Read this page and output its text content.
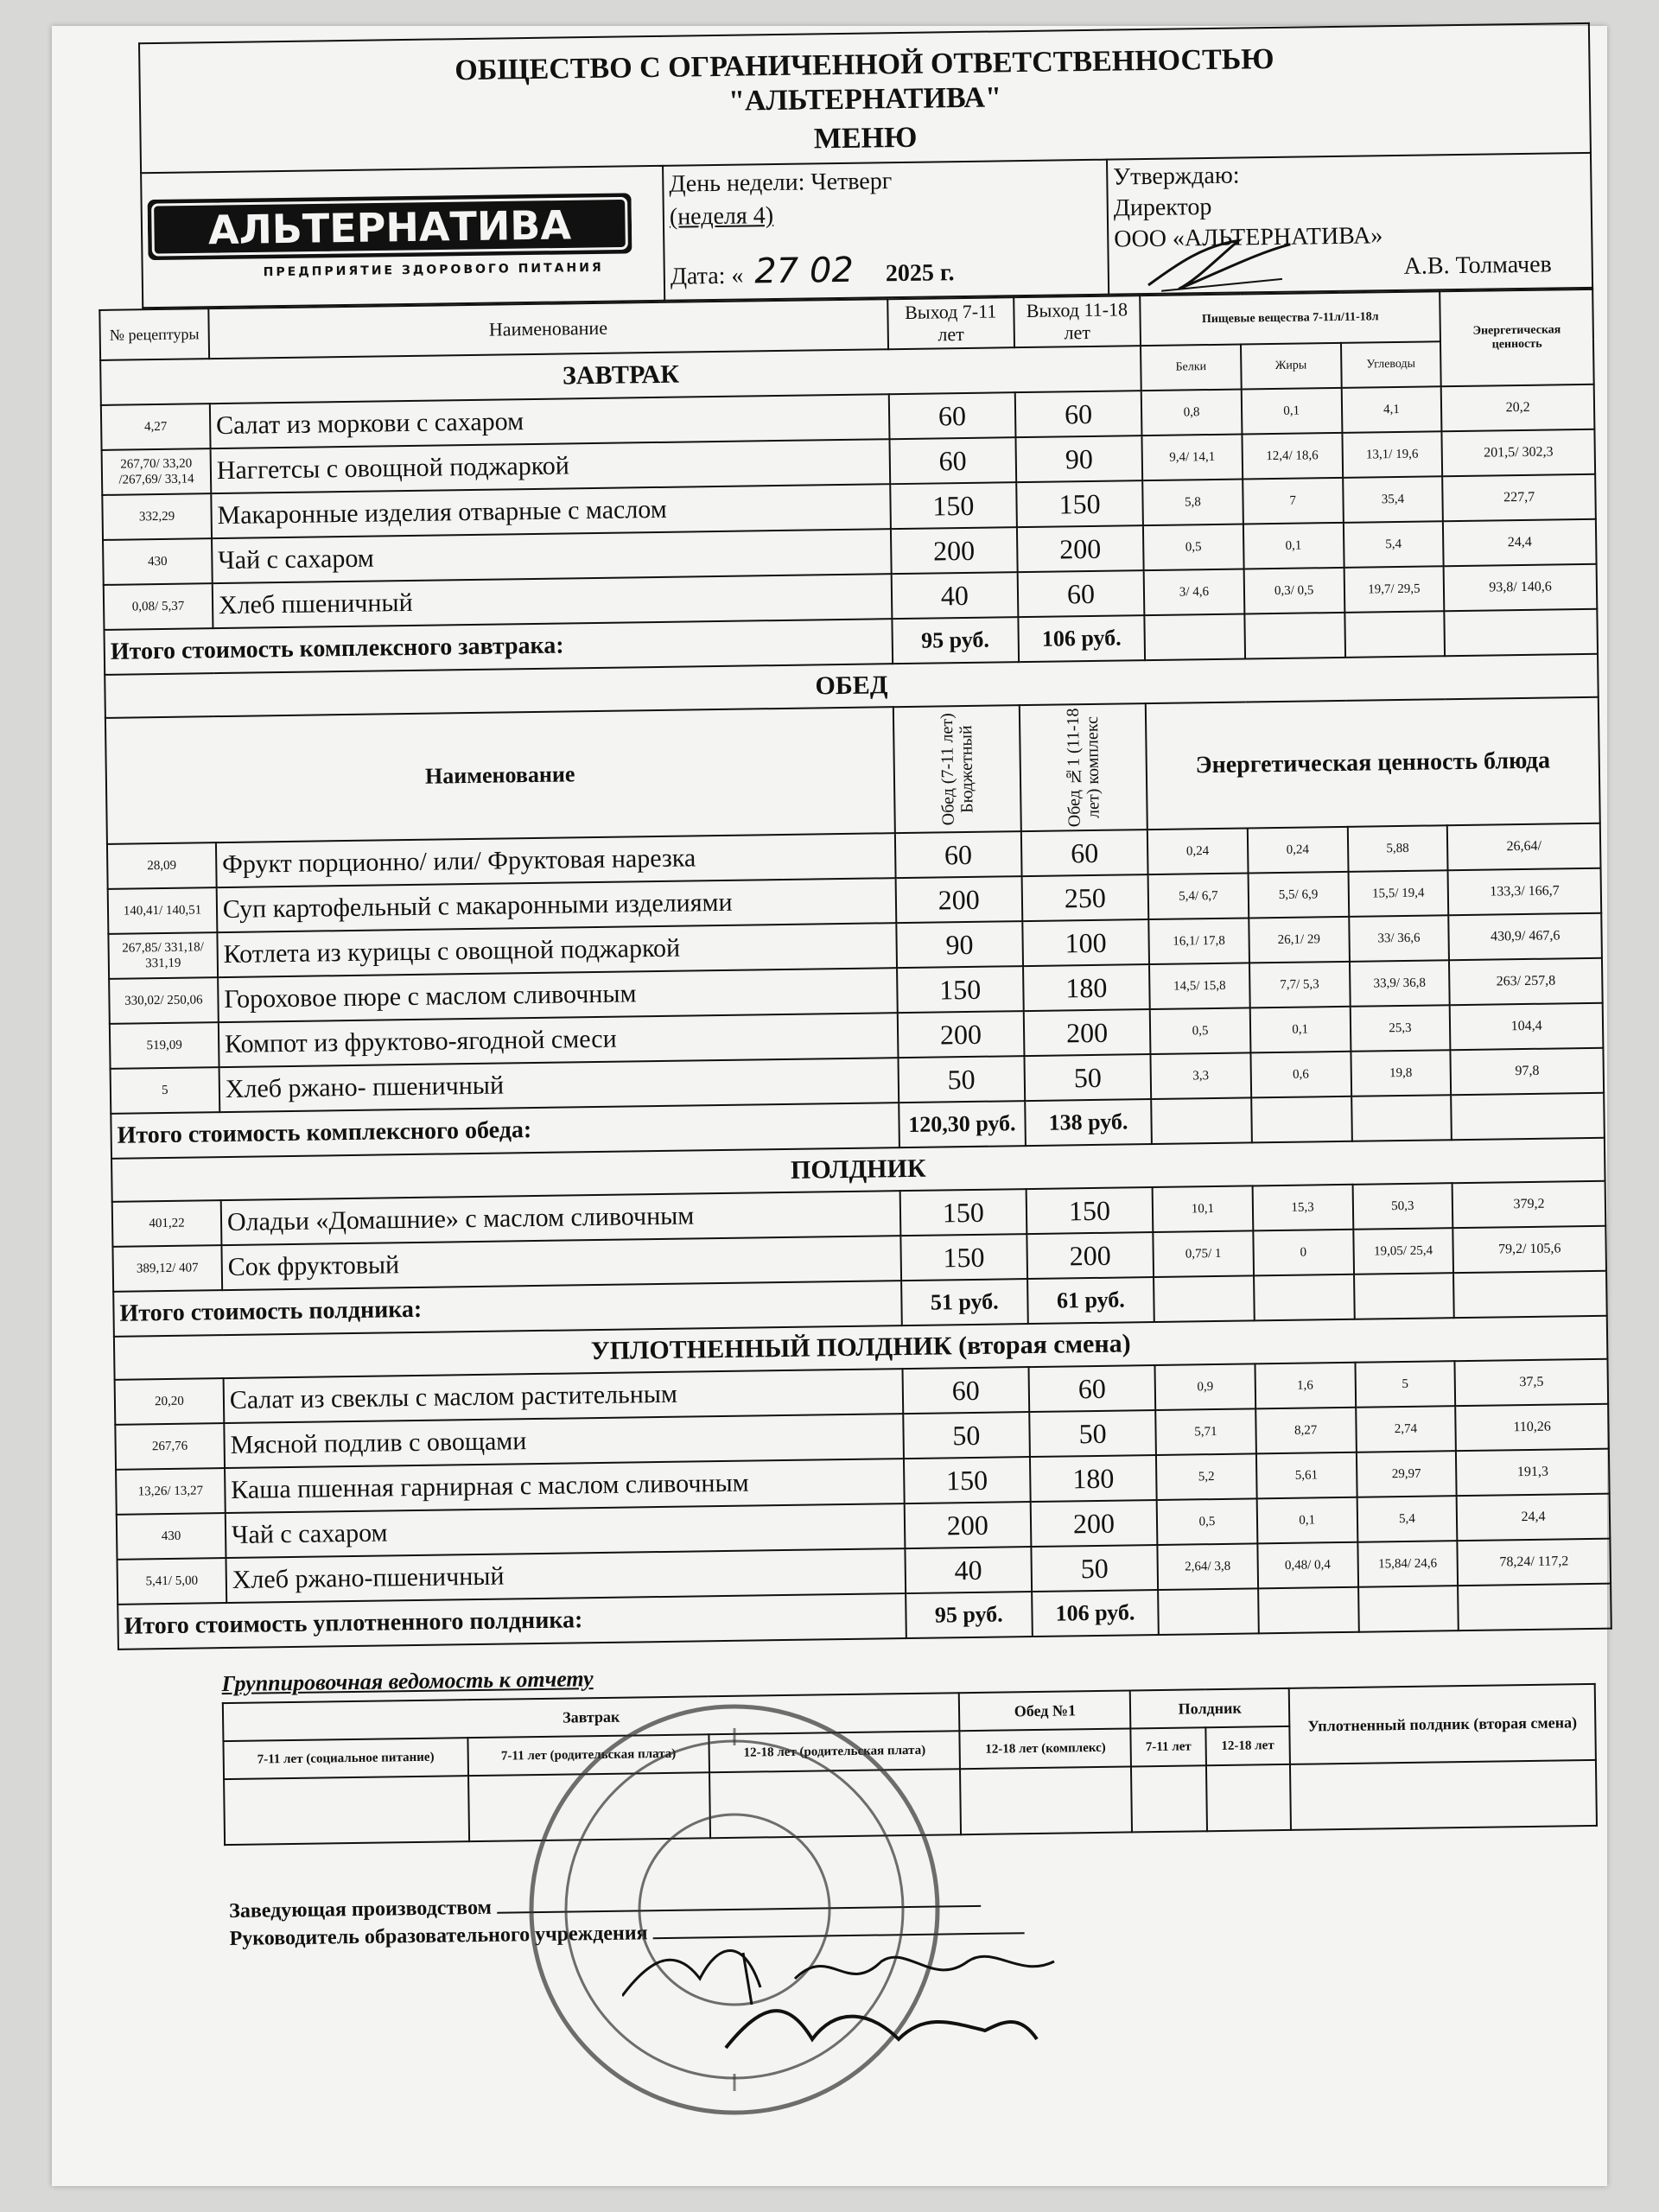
ОБЩЕСТВО С ОГРАНИЧЕННОЙ ОТВЕТСТВЕННОСТЬЮ
"АЛЬТЕРНАТИВА"
МЕНЮ

АЛЬТЕРНАТИВА
ПРЕДПРИЯТИЕ ЗДОРОВОГО ПИТАНИЯ

День недели: Четверг
(неделя 4)
Дата: « 27 02 2025 г.

Утверждаю:
Директор
ООО «АЛЬТЕРНАТИВА»
А.В. Толмачев
№ рецептуры	Наименование	Выход 7-11 лет	Выход 11-18 лет	Пищевые вещества 7-11л/11-18л			Энергетическая ценность
ЗАВТРАК				Белки	Жиры	Углеводы	
4,27	Салат из моркови с сахаром	60	60	0,8	0,1	4,1	20,2
267,70/ 33,20 /267,69/ 33,14	Наггетсы с овощной поджаркой	60	90	9,4/ 14,1	12,4/ 18,6	13,1/ 19,6	201,5/ 302,3
332,29	Макаронные изделия отварные с маслом	150	150	5,8	7	35,4	227,7
430	Чай с сахаром	200	200	0,5	0,1	5,4	24,4
0,08/ 5,37	Хлеб пшеничный	40	60	3/ 4,6	0,3/ 0,5	19,7/ 29,5	93,8/ 140,6
Итого стоимость комплексного завтрака:		95 руб.	106 руб.				
ОБЕД							
Наименование		Обед (7-11 лет) Бюджетный	Обед №1 (11-18 лет) комплекс	Энергетическая ценность блюда			
28,09	Фрукт порционно/ или/ Фруктовая нарезка	60	60	0,24	0,24	5,88	26,64/
140,41/ 140,51	Суп картофельный с макаронными изделиями	200	250	5,4/ 6,7	5,5/ 6,9	15,5/ 19,4	133,3/ 166,7
267,85/ 331,18/ 331,19	Котлета из курицы с овощной поджаркой	90	100	16,1/ 17,8	26,1/ 29	33/ 36,6	430,9/ 467,6
330,02/ 250,06	Гороховое пюре с маслом сливочным	150	180	14,5/ 15,8	7,7/ 5,3	33,9/ 36,8	263/ 257,8
519,09	Компот из фруктово-ягодной смеси	200	200	0,5	0,1	25,3	104,4
5	Хлеб ржано- пшеничный	50	50	3,3	0,6	19,8	97,8
Итого стоимость комплексного обеда:		120,30 руб.	138 руб.				
ПОЛДНИК							
401,22	Оладьи «Домашние» с маслом сливочным	150	150	10,1	15,3	50,3	379,2
389,12/ 407	Сок фруктовый	150	200	0,75/ 1	0	19,05/ 25,4	79,2/ 105,6
Итого стоимость полдника:		51 руб.	61 руб.				
УПЛОТНЕННЫЙ ПОЛДНИК (вторая смена)							
20,20	Салат из свеклы с маслом растительным	60	60	0,9	1,6	5	37,5
267,76	Мясной подлив с овощами	50	50	5,71	8,27	2,74	110,26
13,26/ 13,27	Каша пшенная гарнирная с маслом сливочным	150	180	5,2	5,61	29,97	191,3
430	Чай с сахаром	200	200	0,5	0,1	5,4	24,4
5,41/ 5,00	Хлеб ржано-пшеничный	40	50	2,64/ 3,8	0,48/ 0,4	15,84/ 24,6	78,24/ 117,2
Итого стоимость уплотненного полдника:		95 руб.	106 руб.				
Группировочная ведомость к отчету
Завтрак			Обед №1	Полдник		Уплотненный полдник (вторая смена)
7-11 лет (социальное питание)	7-11 лет (родительская плата)	12-18 лет (родительская плата)	12-18 лет (комплекс)	7-11 лет	12-18 лет	

Заведующая производством
Руководитель образовательного учреждения
